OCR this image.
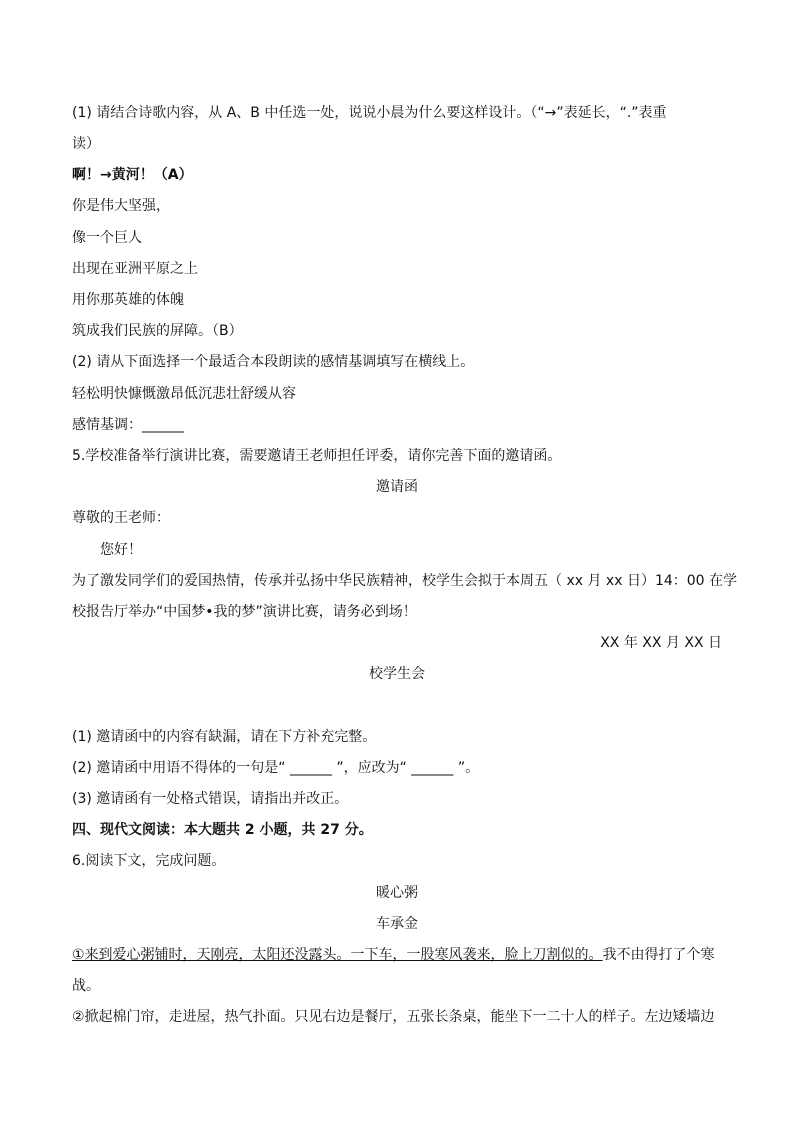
(1) 请结合诗歌内容，从 A、B 中任选一处，说说小晨为什么要这样设计。（“→”表延长，“.”表重
读）
啊！→黄河！（A）
你是伟大坚强，
像一个巨人
出现在亚洲平原之上
用你那英雄的体魄
筑成我们民族的屏障。（B）
(2) 请从下面选择一个最适合本段朗读的感情基调填写在横线上。
轻松明快慷慨激昂低沉悲壮舒缓从容
感情基调：______
5.学校准备举行演讲比赛，需要邀请王老师担任评委，请你完善下面的邀请函。
邀请函
尊敬的王老师：
您好！
为了激发同学们的爱国热情，传承并弘扬中华民族精神，校学生会拟于本周五（ xx 月 xx 日）14：00 在学
校报告厅举办“中国梦•我的梦”演讲比赛，请务必到场！
XX 年 XX 月 XX 日
校学生会
(1) 邀请函中的内容有缺漏，请在下方补充完整。
(2) 邀请函中用语不得体的一句是“ ______ ”，应改为“ ______ ”。
(3) 邀请函有一处格式错误，请指出并改正。
四、现代文阅读：本大题共 2 小题，共 27 分。
6.阅读下文，完成问题。
暖心粥
车承金
①来到爱心粥铺时，天刚亮，太阳还没露头。一下车，一股寒风袭来，脸上刀割似的。我不由得打了个寒
战。
②掀起棉门帘，走进屋，热气扑面。只见右边是餐厅，五张长条桌，能坐下一二十人的样子。左边矮墙边
